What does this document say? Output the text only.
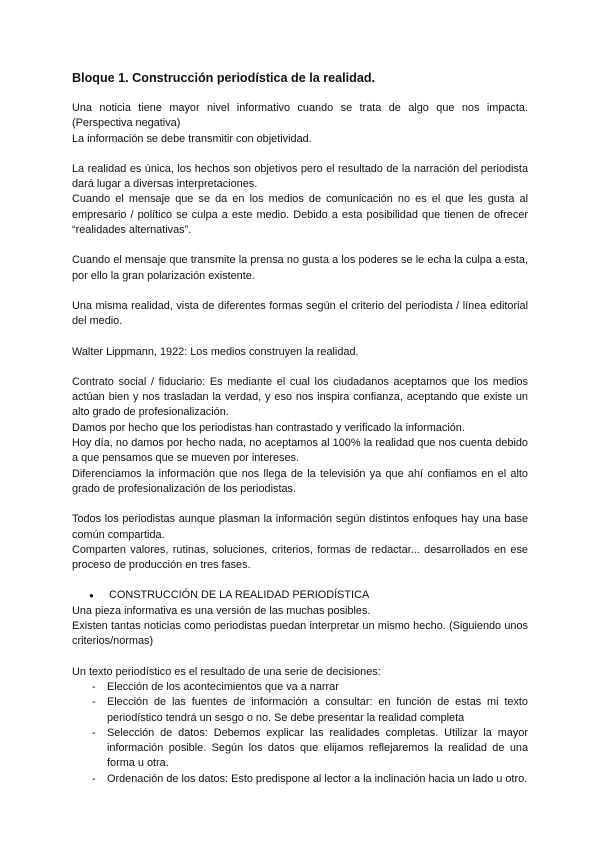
Bloque 1. Construcción periodística de la realidad.

Una noticia tiene mayor nivel informativo cuando se trata de algo que nos impacta. (Perspectiva negativa)

La información se debe transmitir con objetividad.

La realidad es única, los hechos son objetivos pero el resultado de la narración del periodista dará lugar a diversas interpretaciones.

Cuando el mensaje que se da en los medios de comunicación no es el que les gusta al empresario / político se culpa a este medio. Debido a esta posibilidad que tienen de ofrecer “realidades alternativas”.

Cuando el mensaje que transmite la prensa no gusta a los poderes se le echa la culpa a esta, por ello la gran polarización existente.

Una misma realidad, vista de diferentes formas según el criterio del periodista / línea editorial del medio.

Walter Lippmann, 1922: Los medios construyen la realidad.

Contrato social / fiduciario: Es mediante el cual los ciudadanos aceptamos que los medios actúan bien y nos trasladan la verdad, y eso nos inspira confianza, aceptando que existe un alto grado de profesionalización.

Damos por hecho que los periodistas han contrastado y verificado la información.

Hoy día, no damos por hecho nada, no aceptamos al 100% la realidad que nos cuenta debido a que pensamos que se mueven por intereses.

Diferenciamos la información que nos llega de la televisión ya que ahí confiamos en el alto grado de profesionalización de los periodistas.

Todos los periodistas aunque plasman la información según distintos enfoques hay una base común compartida.

Comparten valores, rutinas, soluciones, criterios, formas de redactar... desarrollados en ese proceso de producción en tres fases.

●	CONSTRUCCIÓN DE LA REALIDAD PERIODÍSTICA

Una pieza informativa es una versión de las muchas posibles.

Existen tantas noticias como periodistas puedan interpretar un mismo hecho. (Siguiendo unos criterios/normas)

Un texto periodístico es el resultado de una serie de decisiones:

-	Elección de los acontecimientos que va a narrar
-	Elección de las fuentes de información a consultar: en función de estas mi texto periodístico tendrá un sesgo o no. Se debe presentar la realidad completa
-	Selección de datos: Debemos explicar las realidades completas. Utilizar la mayor información posible. Según los datos que elijamos reflejaremos la realidad de una forma u otra.
-	Ordenación de los datos: Esto predispone al lector a la inclinación hacia un lado u otro.
